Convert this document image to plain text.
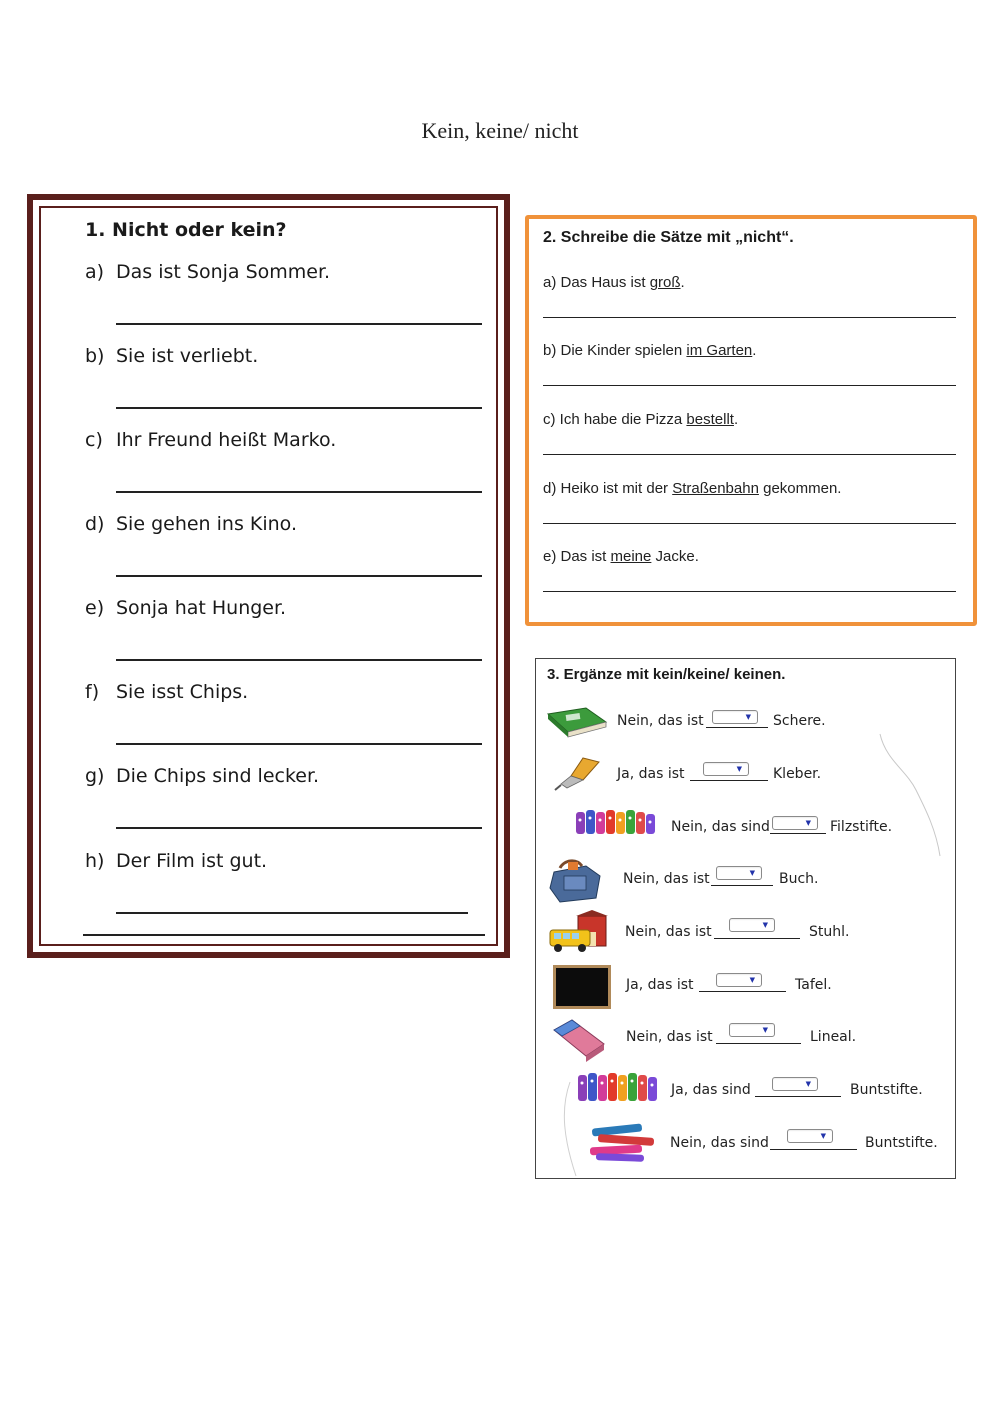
Kein, keine/ nicht
1. Nicht oder kein?
a) Das ist Sonja Sommer.
b) Sie ist verliebt.
c) Ihr Freund heißt Marko.
d) Sie gehen ins Kino.
e) Sonja hat Hunger.
f) Sie isst Chips.
g) Die Chips sind lecker.
h) Der Film ist gut.
2. Schreibe die Sätze mit „nicht“.
a) Das Haus ist groß.
b) Die Kinder spielen im Garten.
c) Ich habe die Pizza bestellt.
d) Heiko ist mit der Straßenbahn gekommen.
e) Das ist meine Jacke.
3. Ergänze mit kein/keine/ keinen.
Nein, das ist	▼ Schere.
Ja, das ist	▼ Kleber.
Nein, das sind	▼ Filzstifte.
Nein, das ist	▼ Buch.
Nein, das ist	▼	Stuhl.
Ja, das ist	▼	Tafel.
Nein, das ist	▼	Lineal.
Ja, das sind	▼	Buntstifte.
Nein, das sind	▼	Buntstifte.
